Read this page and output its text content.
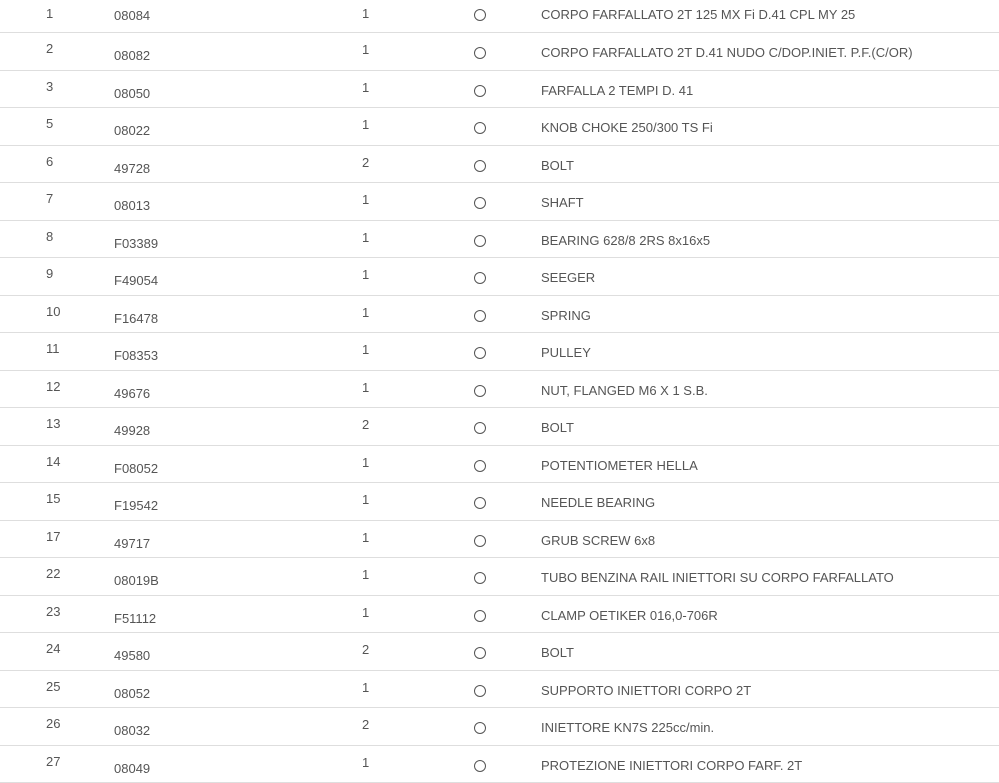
1	08084	1	CORPO FARFALLATO 2T 125 MX Fi D.41 CPL MY 25
2	08082	1	CORPO FARFALLATO 2T D.41 NUDO C/DOP.INIET. P.F.(C/OR)
3	08050	1	FARFALLA 2 TEMPI D. 41
5	08022	1	KNOB CHOKE 250/300 TS Fi
6	49728	2	BOLT
7	08013	1	SHAFT
8	F03389	1	BEARING 628/8 2RS 8x16x5
9	F49054	1	SEEGER
10	F16478	1	SPRING
11	F08353	1	PULLEY
12	49676	1	NUT, FLANGED M6 X 1 S.B.
13	49928	2	BOLT
14	F08052	1	POTENTIOMETER HELLA
15	F19542	1	NEEDLE BEARING
17	49717	1	GRUB SCREW 6x8
22	08019B	1	TUBO BENZINA RAIL INIETTORI SU CORPO FARFALLATO
23	F51112	1	CLAMP OETIKER 016,0-706R
24	49580	2	BOLT
25	08052	1	SUPPORTO INIETTORI CORPO 2T
26	08032	2	INIETTORE KN7S 225cc/min.
27	08049	1	PROTEZIONE INIETTORI CORPO FARF. 2T
